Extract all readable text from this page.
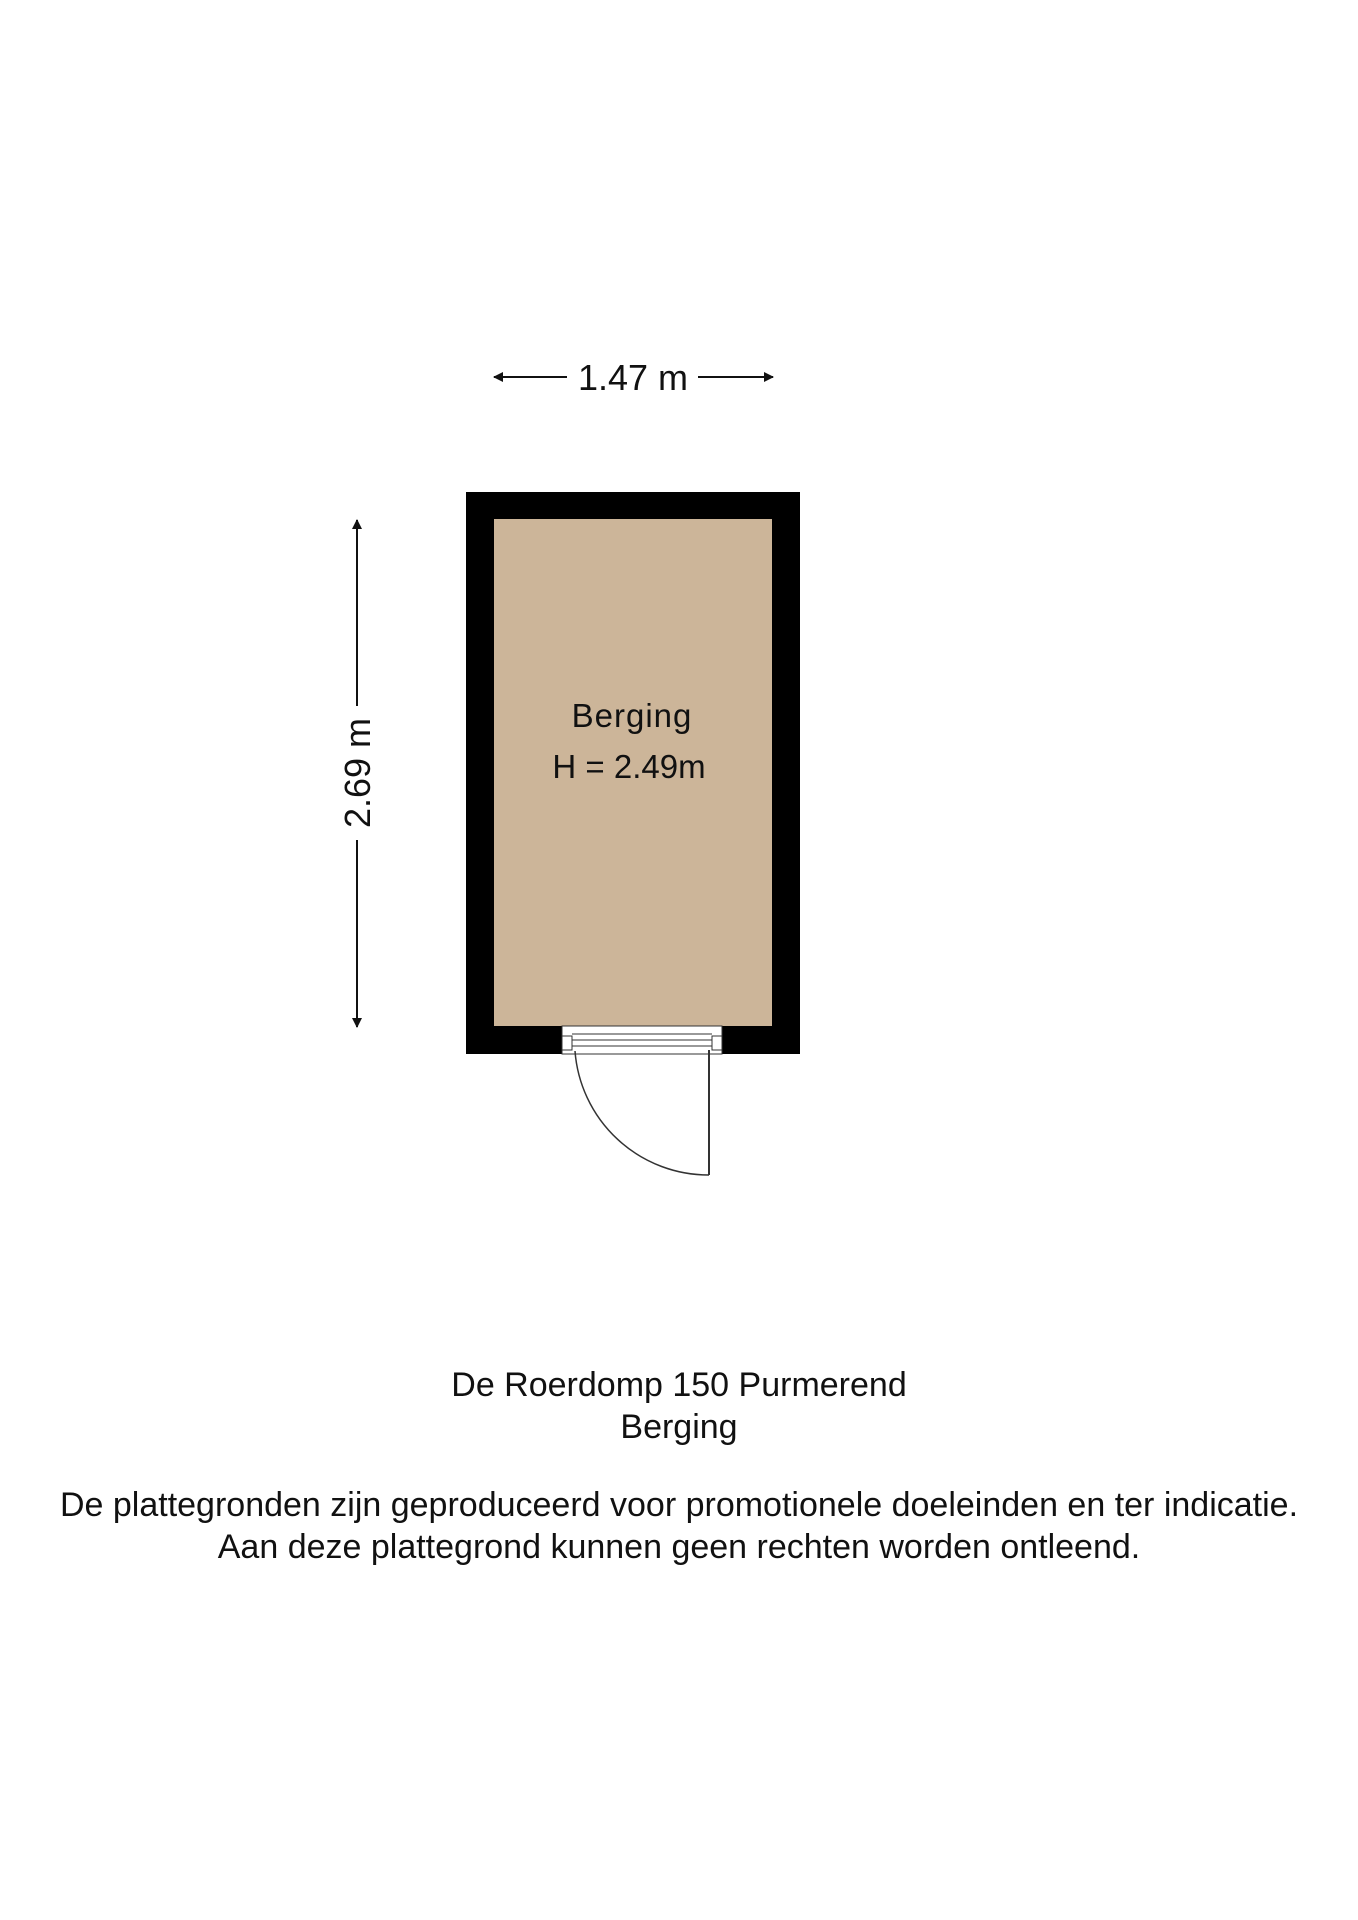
1.47 m
2.69 m
Berging
H = 2.49m
De Roerdomp 150 Purmerend
Berging
De plattegronden zijn geproduceerd voor promotionele doeleinden en ter indicatie.
Aan deze plattegrond kunnen geen rechten worden ontleend.
